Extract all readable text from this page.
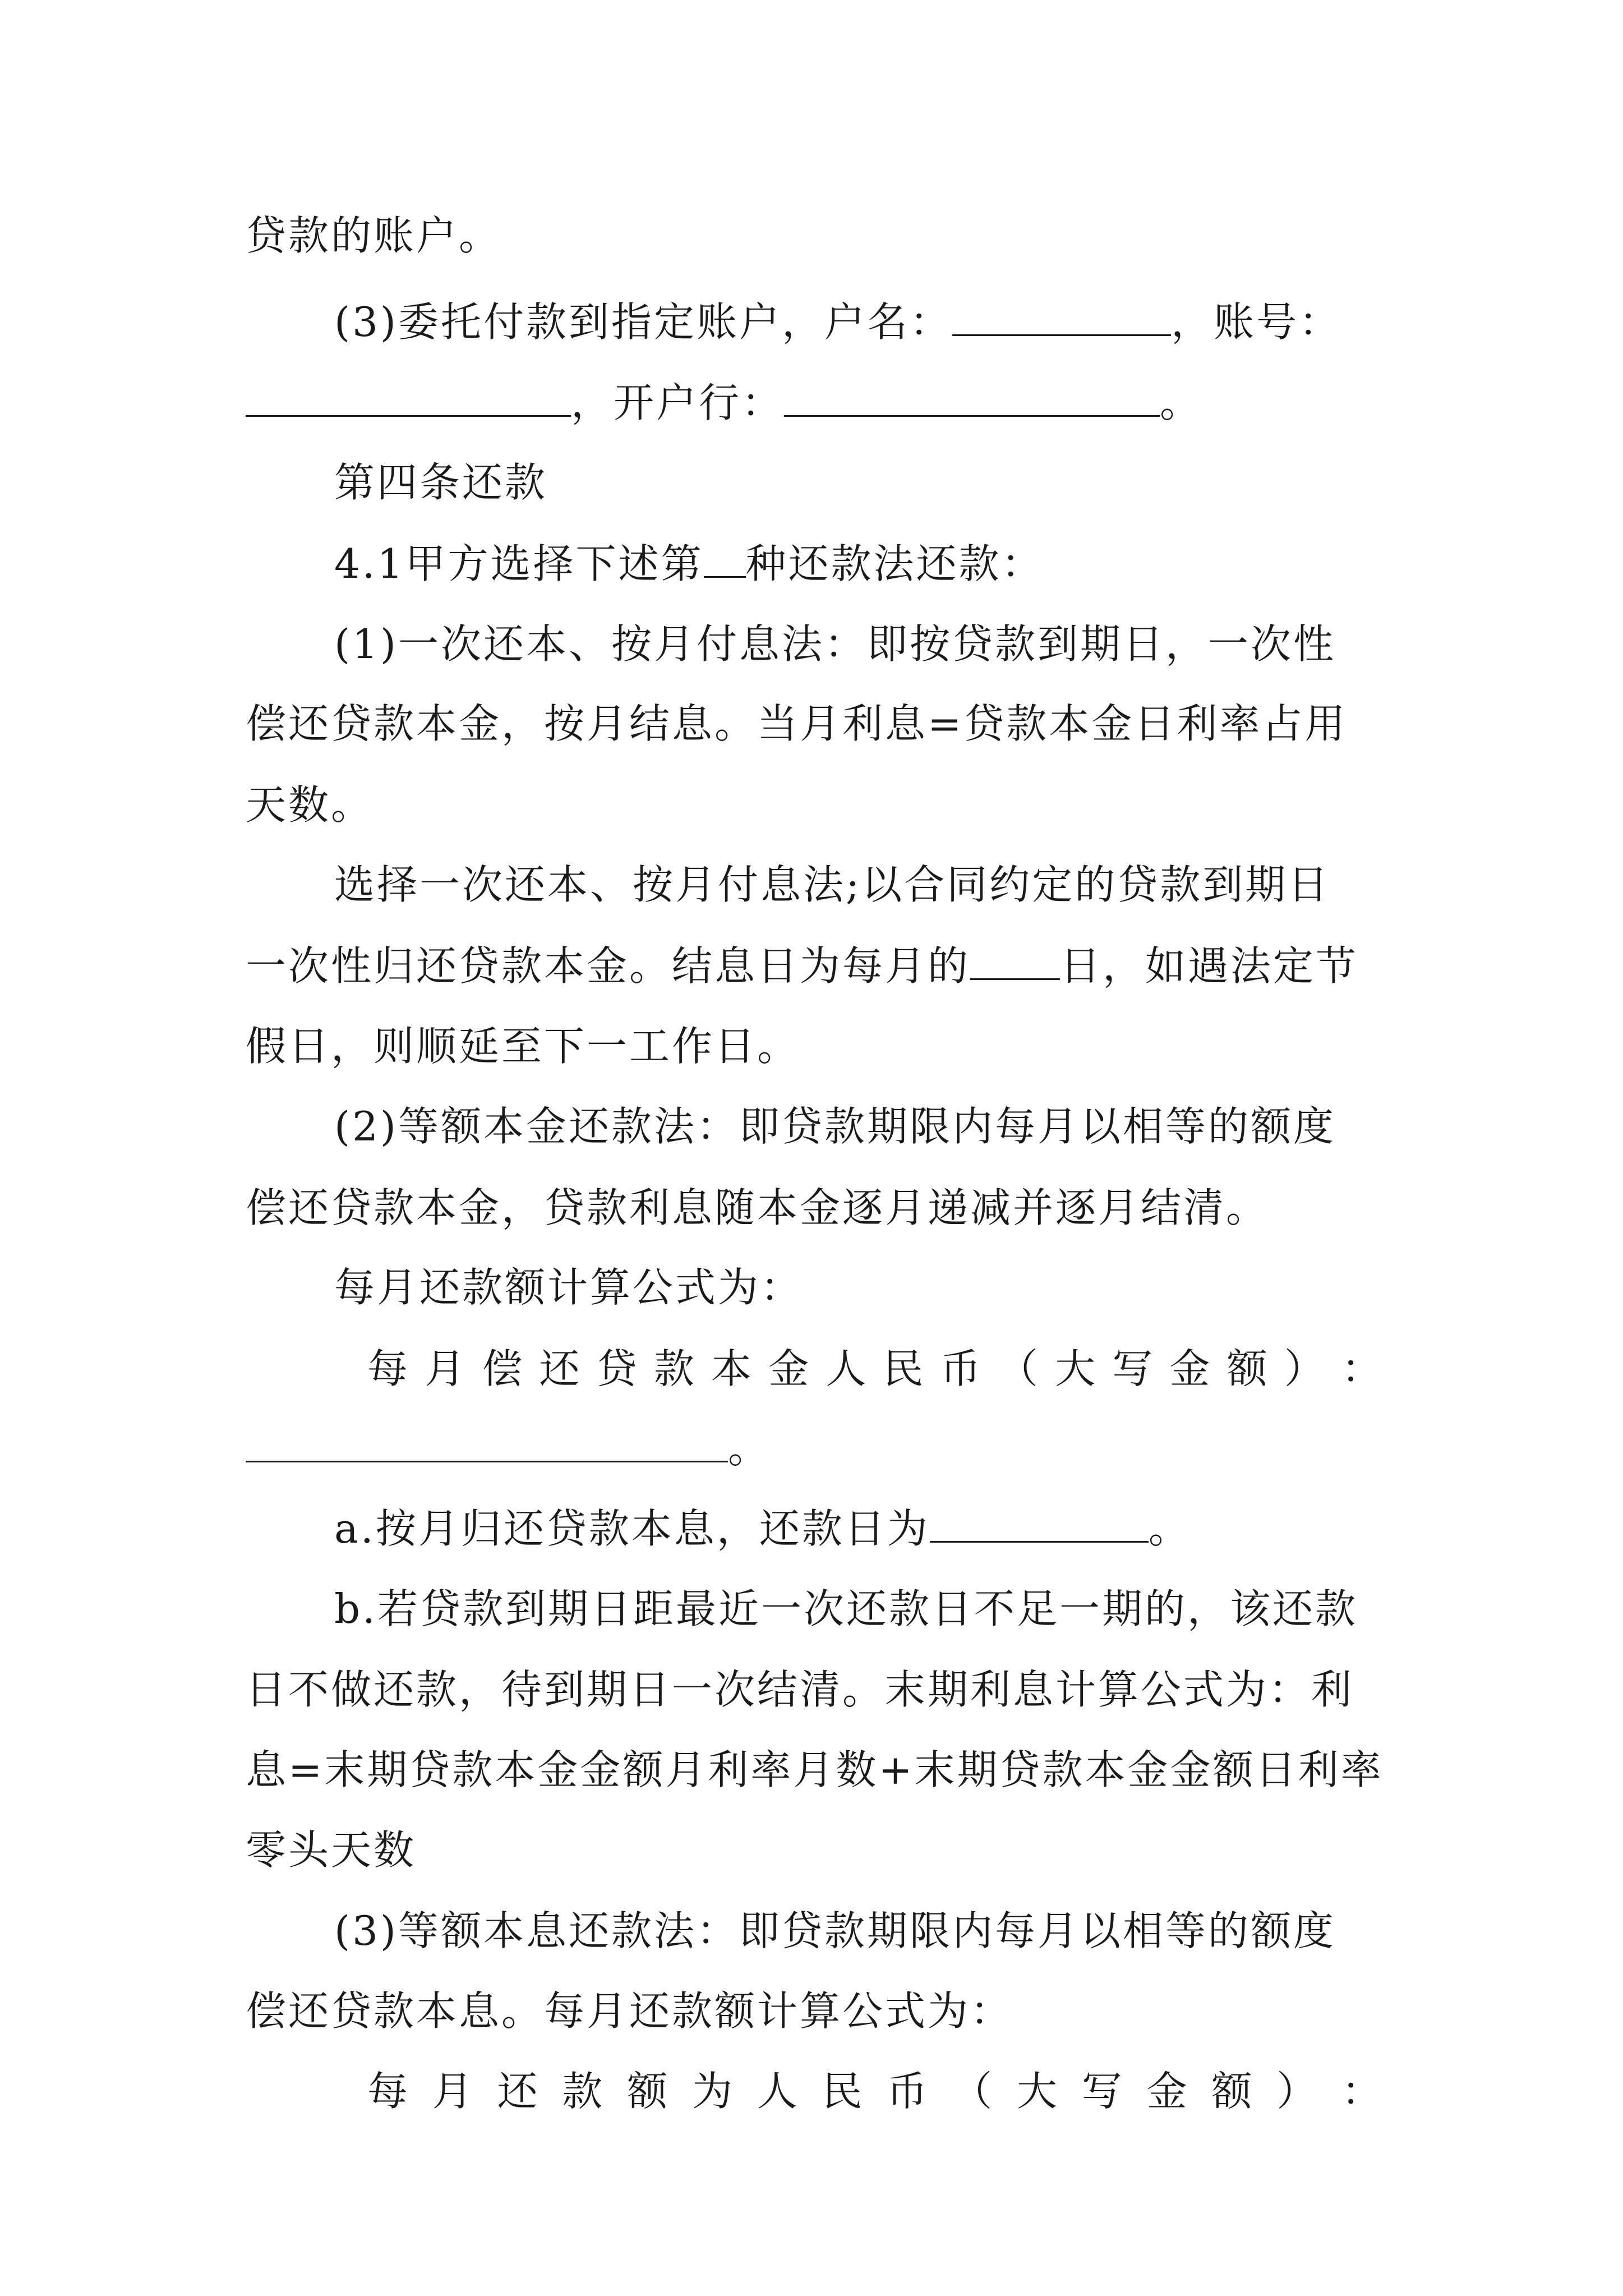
贷款的账户。
(3)委托付款到指定账户，户名：	，账号：
，开户行：	。
第四条还款
4.1甲方选择下述第 种还款法还款：
(1)一次还本、按月付息法：即按贷款到期日，一次性
偿还贷款本金，按月结息。当月利息=贷款本金日利率占用
天数。
选择一次还本、按月付息法;以合同约定的贷款到期日
一次性归还贷款本金。结息日为每月的 日，如遇法定节
假日，则顺延至下一工作日。
(2)等额本金还款法：即贷款期限内每月以相等的额度
偿还贷款本金，贷款利息随本金逐月递减并逐月结清。
每月还款额计算公式为：
每 月 偿 还 贷 款 本 金 人 民 币 （ 大 写 金 额 ） ：
。
a.按月归还贷款本息，还款日为	。
b.若贷款到期日距最近一次还款日不足一期的，该还款
日不做还款，待到期日一次结清。末期利息计算公式为：利
息=末期贷款本金金额月利率月数+末期贷款本金金额日利率
零头天数
(3)等额本息还款法：即贷款期限内每月以相等的额度
偿还贷款本息。每月还款额计算公式为：
每 月 还 款 额 为 人 民 币 （ 大 写 金 额 ） ：
